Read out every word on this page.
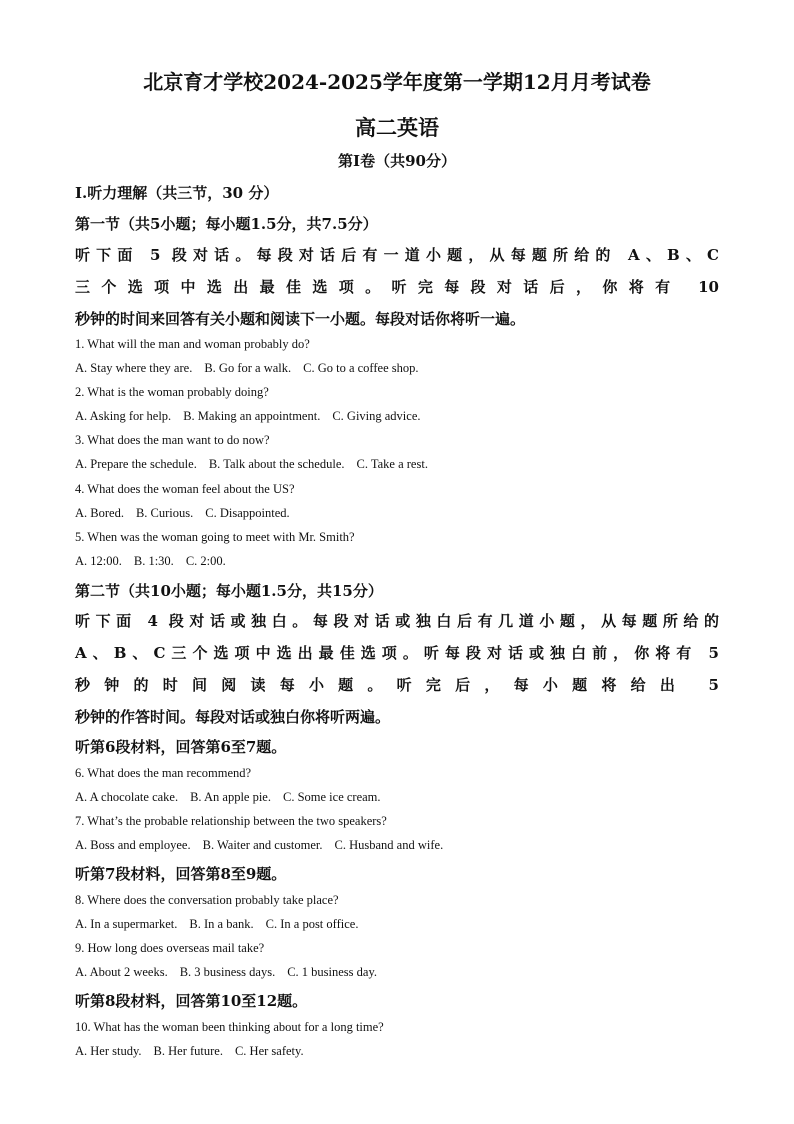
北京育才学校2024-2025学年度第一学期12月月考试卷
高二英语
第I卷（共90分）
I.听力理解（共三节，30 分）
第一节（共5小题；每小题1.5分，共7.5分）
听下面 5 段对话。每段对话后有一道小题，从每题所给的 A、B、C
三个选项中选出最佳选项。听完每段对话后，你将有 10
秒钟的时间来回答有关小题和阅读下一小题。每段对话你将听一遍。
1. What will the man and woman probably do?
A. Stay where they are. B. Go for a walk. C. Go to a coffee shop.
2. What is the woman probably doing?
A. Asking for help. B. Making an appointment. C. Giving advice.
3. What does the man want to do now?
A. Prepare the schedule. B. Talk about the schedule. C. Take a rest.
4. What does the woman feel about the US?
A. Bored. B. Curious. C. Disappointed.
5. When was the woman going to meet with Mr. Smith?
A. 12:00. B. 1:30. C. 2:00.
第二节（共10小题；每小题1.5分，共15分）
听下面 4 段对话或独白。每段对话或独白后有几道小题，从每题所给的
A、B、C三个选项中选出最佳选项。听每段对话或独白前，你将有 5
秒钟的时间阅读每小题。听完后，每小题将给出 5
秒钟的作答时间。每段对话或独白你将听两遍。
听第6段材料，回答第6至7题。
6. What does the man recommend?
A. A chocolate cake. B. An apple pie. C. Some ice cream.
7. What’s the probable relationship between the two speakers?
A. Boss and employee. B. Waiter and customer. C. Husband and wife.
听第7段材料，回答第8至9题。
8. Where does the conversation probably take place?
A. In a supermarket. B. In a bank. C. In a post office.
9. How long does overseas mail take?
A. About 2 weeks. B. 3 business days. C. 1 business day.
听第8段材料，回答第10至12题。
10. What has the woman been thinking about for a long time?
A. Her study. B. Her future. C. Her safety.
